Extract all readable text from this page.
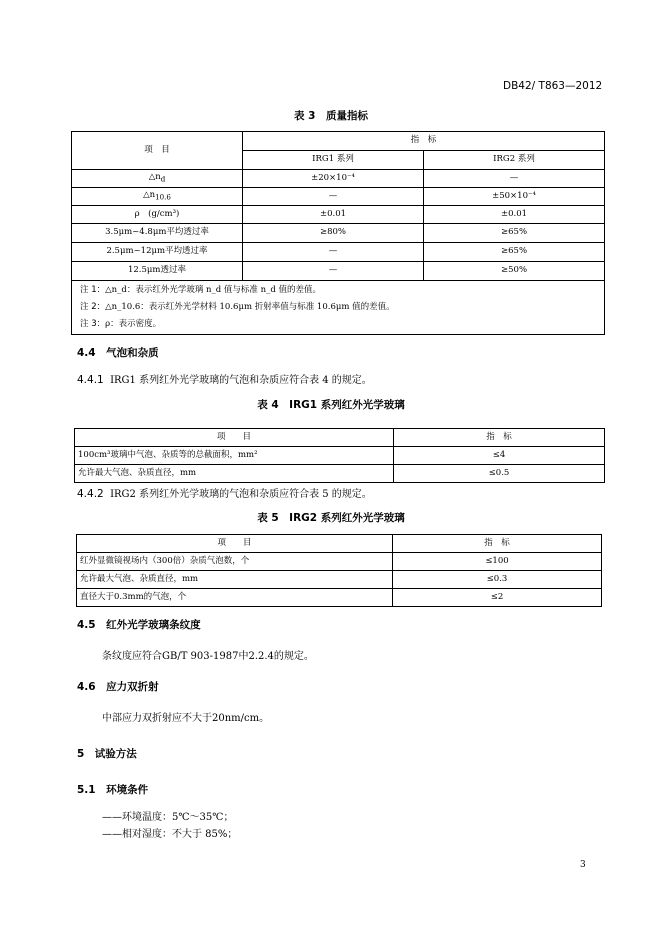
DB42/ T863—2012
表 3　质量指标
项　目	指　标	
	IRG1 系列	IRG2 系列
$\triangle n_d$	±20×10⁻⁴	—
$\triangle n_{10.6}$	—	±50×10⁻⁴
ρ　(g/cm³)	±0.01	±0.01
3.5μm~4.8μm平均透过率	≥80%	≥65%
2.5μm~12μm平均透过率	—	≥65%
12.5μm透过率	—	≥50%

注 1：△n_d：表示红外光学玻璃 n_d 值与标准 n_d 值的差值。
注 2：△n_10.6：表示红外光学材料 10.6μm 折射率值与标准 10.6μm 值的差值。
注 3：ρ：表示密度。		
4.4　气泡和杂质
4.4.1 IRG1 系列红外光学玻璃的气泡和杂质应符合表 4 的规定。
表 4　IRG1 系列红外光学玻璃
项　　目	指　标
100cm³玻璃中气泡、杂质等的总截面积，mm²	≤4
允许最大气泡、杂质直径，mm	≤0.5
4.4.2 IRG2 系列红外光学玻璃的气泡和杂质应符合表 5 的规定。
表 5　IRG2 系列红外光学玻璃
项　　目	指　标
红外显微镜视场内（300倍）杂质气泡数，个	≤100
允许最大气泡、杂质直径，mm	≤0.3
直径大于0.3mm的气泡，个	≤2
4.5　红外光学玻璃条纹度
条纹度应符合GB/T 903-1987中2.2.4的规定。
4.6　应力双折射
中部应力双折射应不大于20nm/cm。
5　试验方法
5.1　环境条件
——环境温度：5℃～35℃；
——相对湿度：不大于 85%；
3
